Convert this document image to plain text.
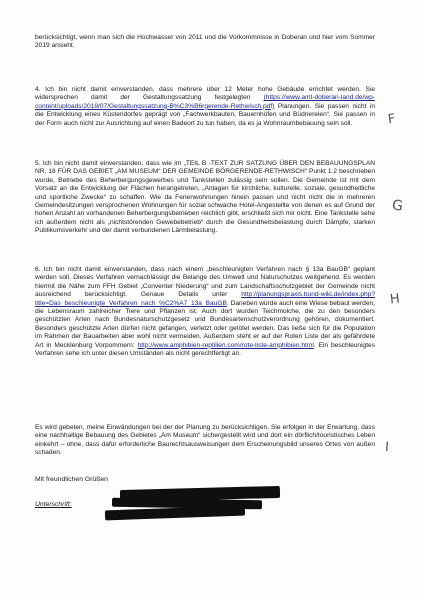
berücksichtigt, wenn man sich die Hochwasser von 2011 und die Vorkommnisse in Doberan und hier vom Sommer 2019 ansieht.

4. Ich bin nicht damit einverstanden, dass mehrere über 12 Meter hohe Gebäude errichtet werden. Sie widersprechen damit der Gestaltungssatzung festgelegten (https://www.amt-doberan-land.de/wp-content/uploads/2019/07/Gestaltungssatzung-B%C3%B6rgerende-Rethwisch.pdf) Planungen. Sie passen nicht in die Entwicklung eines Küstendorfes geprägt von „Fachwerkbauten, Bauernhöfen und Büdnereien“. Sie passen in der Form auch nicht zur Ausrichtung auf einen Badeort zu tun haben, da es ja Wohnraumbebauung sein soll.

5. Ich bin nicht damit einverstanden, dass wie im „TEIL B -TEXT ZUR SATZUNG ÜBER DEN BEBAUUNGSPLAN NR. 18 FÜR DAS GEBIET „AM MUSEUM“ DER GEMEINDE BÖRGERENDE-RETHWISCH“ Punkt 1.2 beschrieben wurde, Betriebe des Beherbergungsgewerbes und Tankstellen zulässig sein sollen. Die Gemeinde ist mit dem Vorsatz an die Entwicklung der Flächen herangetreten, „Anlagen für kirchliche, kulturelle, soziale, gesundheitliche und sportliche Zwecke“ zu schaffen. Wie da Ferienwohnungen hinein passen und nicht nicht die in mehreren Gemeindesitzungen versprochenen Wohnungen für sozial schwache Hotel-Angestellte von denen es auf Grund der hohen Anzahl an vorhandenen Beherbergungsbetrieben reichlich gibt, erschließt sich mir nicht. Eine Tankstelle sehe ich außerdem nicht als „nichtstörenden Gewebebetrieb“ durch die Gesundheitsbelastung durch Dämpfe, starken Publikumsverkehr und der damit verbundenen Lärmbelastung.

6. Ich bin nicht damit einverstanden, dass nach einem „beschleunigten Verfahren nach § 13a BauGB“ geplant werden soll. Dieses Verfahren vernachlässigt die Belange des Umwelt und Naturschutzes weitgehend. Es werden hiermit die Nähe zum FFH Gebiet „Conventer Niederung“ und zum Landschaftsschutzgebiet der Gemeinde nicht ausreichend berücksichtigt. Genaue Details unter http://planungspraxis.bund-wiki.de/index.php?title=Das_beschleunigte_Verfahren_nach_%C2%A7_13a_BauGB. Daneben würde auch eine Wiese bebaut werden, die Lebensraum zahlreicher Tiere und Pflanzen ist. Auch dort wurden Teichmolche, die zu den besonders geschützten Arten nach Bundesnaturschutzgesetz und Bundesartenschutzverordnung gehören, dokumentiert. Besonders geschützte Arten dürfen nicht gefangen, verletzt oder getötet werden. Das ließe sich für die Population im Rahmen der Bauarbeiten aber wohl nicht vermeiden. Außerdem steht er auf der Roten Liste der als gefährdete Art in Mecklenburg Vorpommern: http://www.amphibien-reptilien.com/rote-liste-amphibien.html. Ein beschleunigtes Verfahren sehe ich unter diesen Umständen als nicht gerechtfertigt an.

Es wird gebeten, meine Einwändungen bei der der Planung zu berücksichtigen. Sie erfolgen in der Erwartung, dass eine nachhaltige Bebauung des Gebietes „Am Museum“ sichergestellt wird und dort ein dörflich/touristisches Leben einkehrt – ohne, dass dafür erforderliche Baurechtsausweisungen dem Erscheinungsbild unseres Ortes von außen schaden.

Mit freundlichen Grüßen
Unterschrift:
F
G
H
I
